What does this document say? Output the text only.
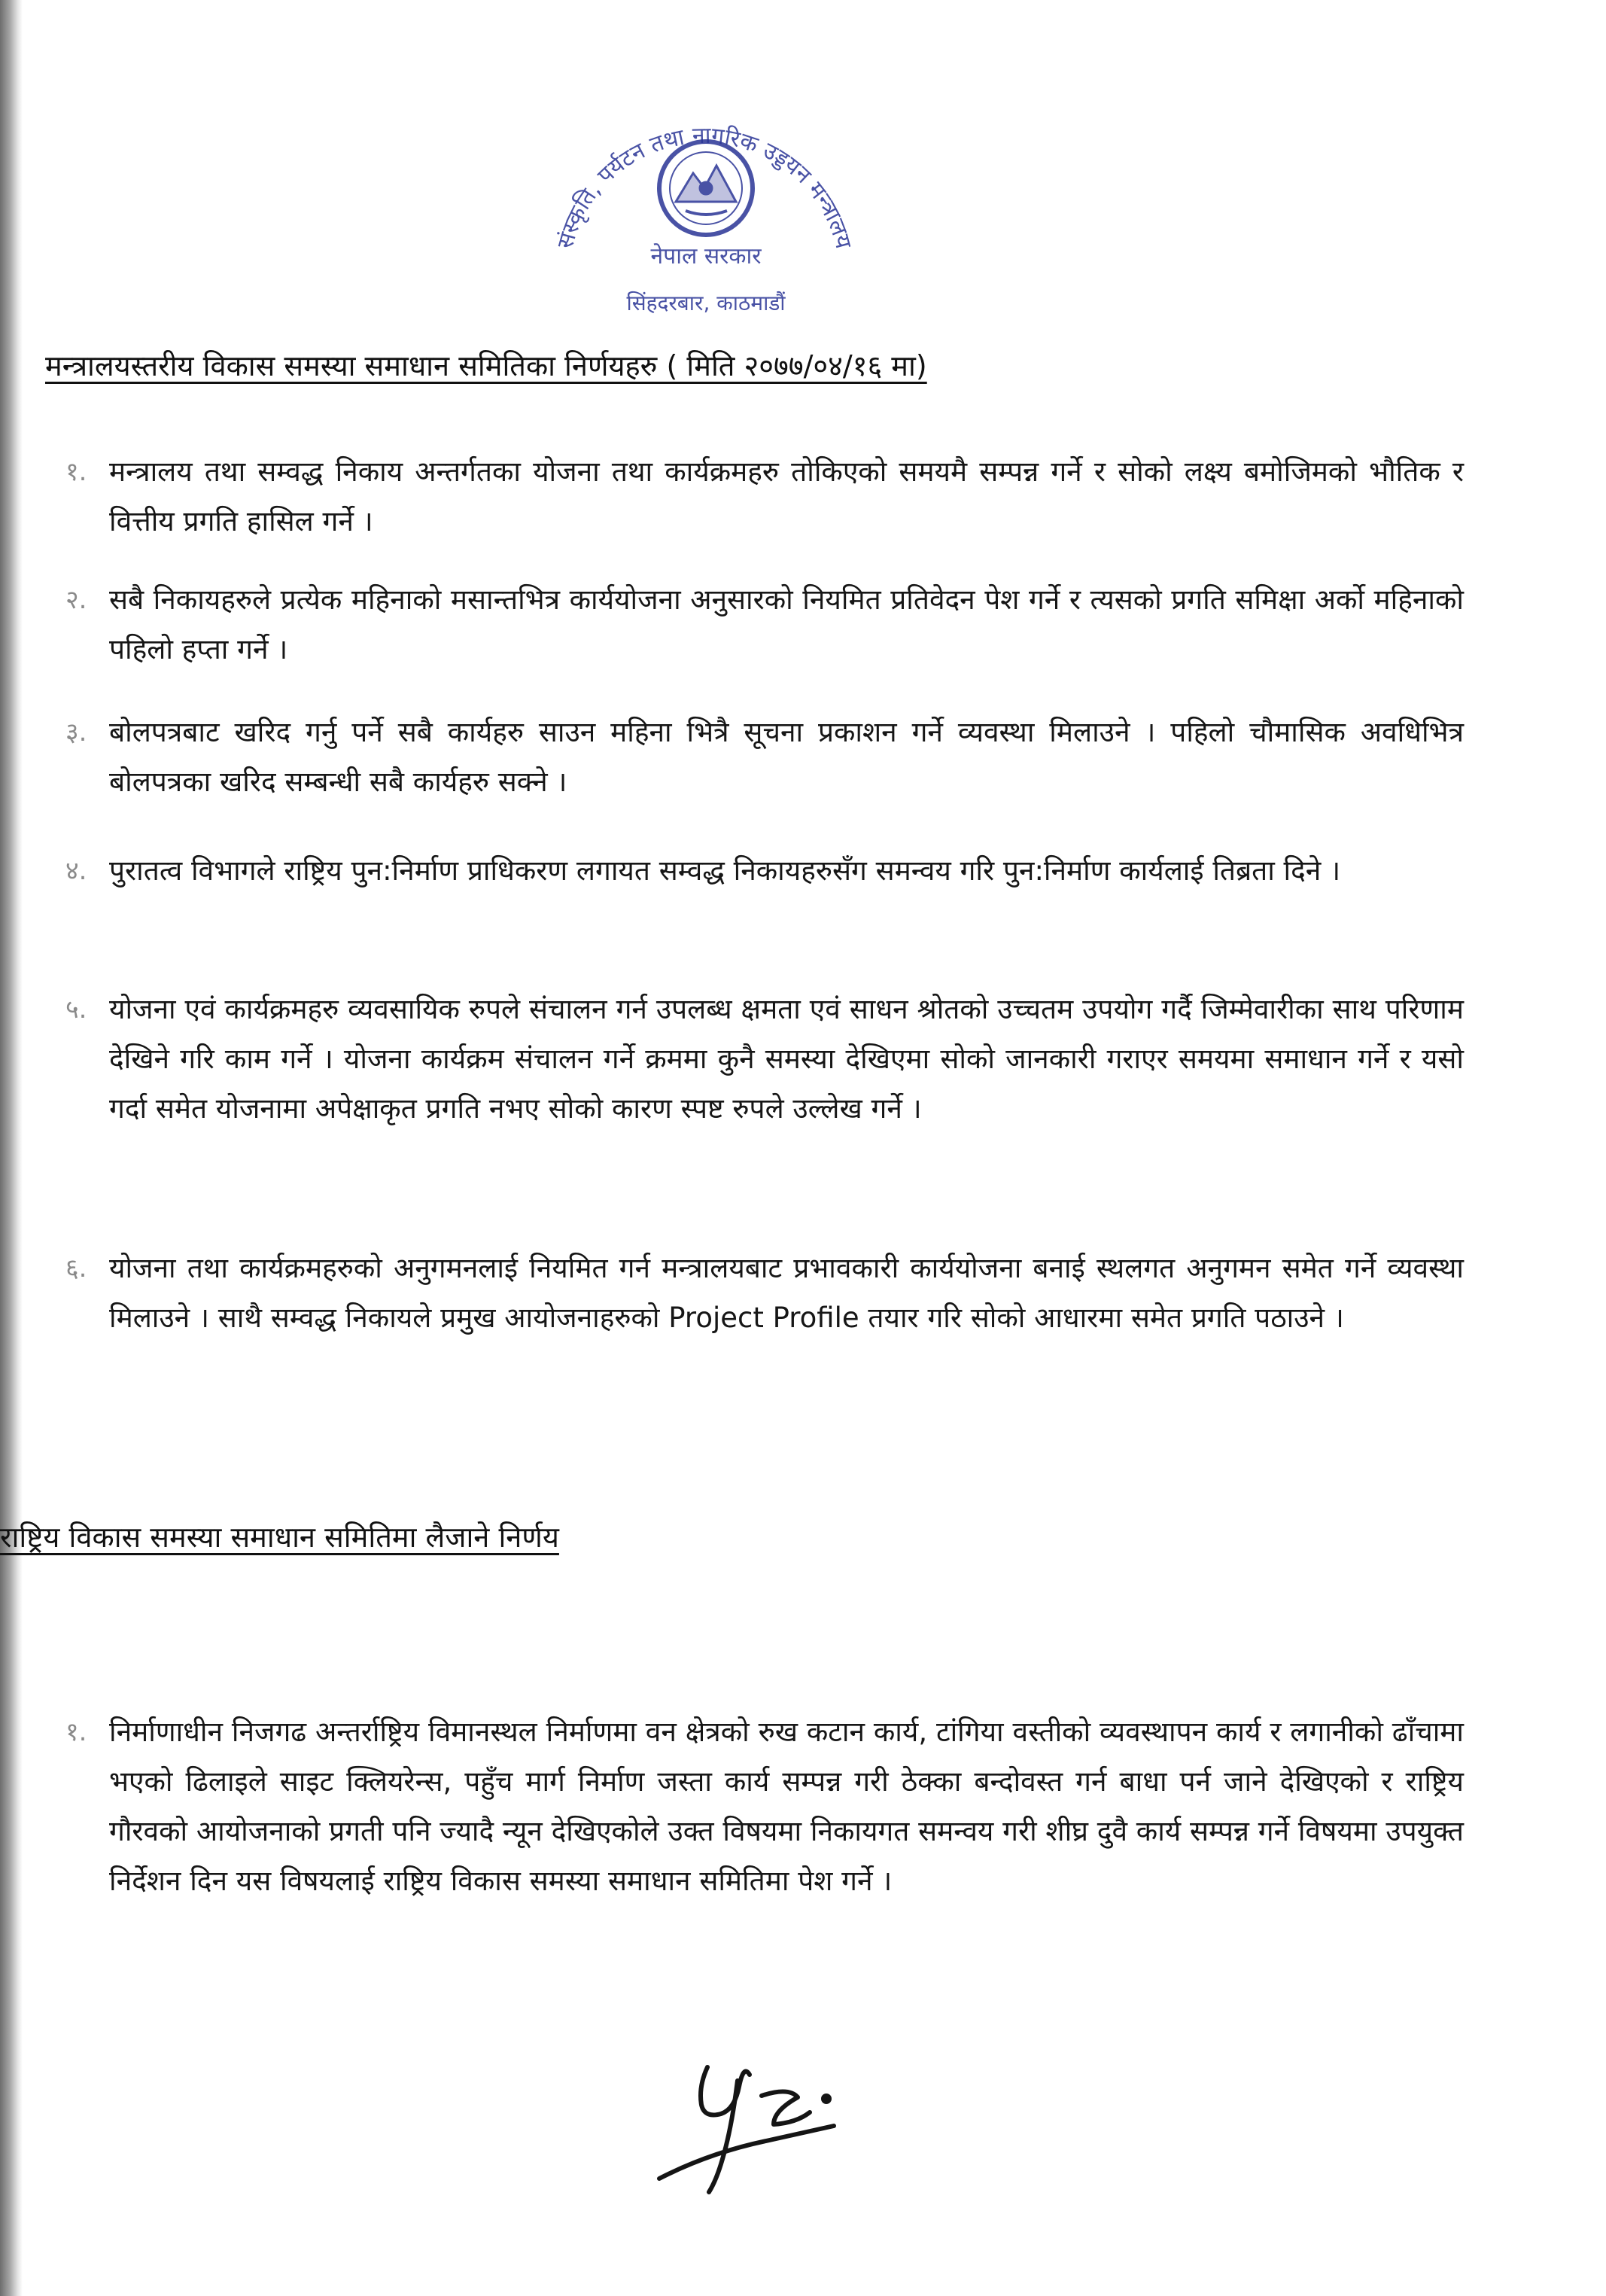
संस्कृति, पर्यटन तथा नागरिक उड्डयन मन्त्रालय
नेपाल सरकार
सिंहदरबार, काठमाडौं
मन्त्रालयस्तरीय विकास समस्या समाधान समितिका निर्णयहरु ( मिति २०७७/०४/१६ मा)
१. मन्त्रालय तथा सम्वद्ध निकाय अन्तर्गतका योजना तथा कार्यक्रमहरु तोकिएको समयमै सम्पन्न गर्ने र सोको लक्ष्य बमोजिमको भौतिक र वित्तीय प्रगति हासिल गर्ने ।
२. सबै निकायहरुले प्रत्येक महिनाको मसान्तभित्र कार्ययोजना अनुसारको नियमित प्रतिवेदन पेश गर्ने र त्यसको प्रगति समिक्षा अर्को महिनाको पहिलो हप्ता गर्ने ।
३. बोलपत्रबाट खरिद गर्नु पर्ने सबै कार्यहरु साउन महिना भित्रै सूचना प्रकाशन गर्ने व्यवस्था मिलाउने । पहिलो चौमासिक अवधिभित्र बोलपत्रका खरिद सम्बन्धी सबै कार्यहरु सक्ने ।
४. पुरातत्व विभागले राष्ट्रिय पुन:निर्माण प्राधिकरण लगायत सम्वद्ध निकायहरुसँग समन्वय गरि पुन:निर्माण कार्यलाई तिब्रता दिने ।
५. योजना एवं कार्यक्रमहरु व्यवसायिक रुपले संचालन गर्न उपलब्ध क्षमता एवं साधन श्रोतको उच्चतम उपयोग गर्दै जिम्मेवारीका साथ परिणाम देखिने गरि काम गर्ने । योजना कार्यक्रम संचालन गर्ने क्रममा कुनै समस्या देखिएमा सोको जानकारी गराएर समयमा समाधान गर्ने र यसो गर्दा समेत योजनामा अपेक्षाकृत प्रगति नभए सोको कारण स्पष्ट रुपले उल्लेख गर्ने ।
६. योजना तथा कार्यक्रमहरुको अनुगमनलाई नियमित गर्न मन्त्रालयबाट प्रभावकारी कार्ययोजना बनाई स्थलगत अनुगमन समेत गर्ने व्यवस्था मिलाउने । साथै सम्वद्ध निकायले प्रमुख आयोजनाहरुको Project Profile तयार गरि सोको आधारमा समेत प्रगति पठाउने ।
राष्ट्रिय विकास समस्या समाधान समितिमा लैजाने निर्णय
१. निर्माणाधीन निजगढ अन्तर्राष्ट्रिय विमानस्थल निर्माणमा वन क्षेत्रको रुख कटान कार्य, टांगिया वस्तीको व्यवस्थापन कार्य र लगानीको ढाँचामा भएको ढिलाइले साइट क्लियरेन्स, पहुँच मार्ग निर्माण जस्ता कार्य सम्पन्न गरी ठेक्का बन्दोवस्त गर्न बाधा पर्न जाने देखिएको र राष्ट्रिय गौरवको आयोजनाको प्रगती पनि ज्यादै न्यून देखिएकोले उक्त विषयमा निकायगत समन्वय गरी शीघ्र दुवै कार्य सम्पन्न गर्ने विषयमा उपयुक्त निर्देशन दिन यस विषयलाई राष्ट्रिय विकास समस्या समाधान समितिमा पेश गर्ने ।
